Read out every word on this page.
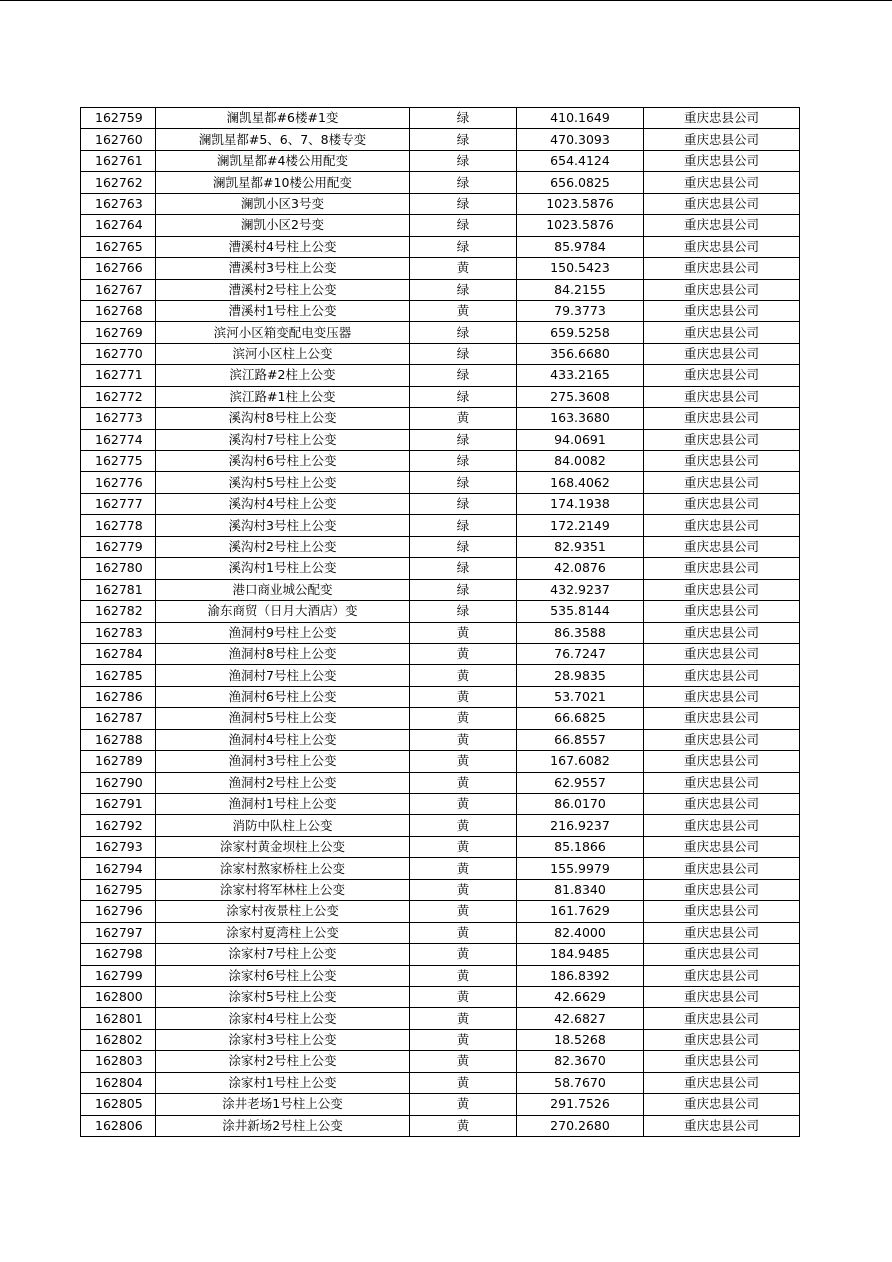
162759	澜凯星都#6楼#1变	绿	410.1649	重庆忠县公司
162760	澜凯星都#5、6、7、8楼专变	绿	470.3093	重庆忠县公司
162761	澜凯星都#4楼公用配变	绿	654.4124	重庆忠县公司
162762	澜凯星都#10楼公用配变	绿	656.0825	重庆忠县公司
162763	澜凯小区3号变	绿	1023.5876	重庆忠县公司
162764	澜凯小区2号变	绿	1023.5876	重庆忠县公司
162765	漕溪村4号柱上公变	绿	85.9784	重庆忠县公司
162766	漕溪村3号柱上公变	黄	150.5423	重庆忠县公司
162767	漕溪村2号柱上公变	绿	84.2155	重庆忠县公司
162768	漕溪村1号柱上公变	黄	79.3773	重庆忠县公司
162769	滨河小区箱变配电变压器	绿	659.5258	重庆忠县公司
162770	滨河小区柱上公变	绿	356.6680	重庆忠县公司
162771	滨江路#2柱上公变	绿	433.2165	重庆忠县公司
162772	滨江路#1柱上公变	绿	275.3608	重庆忠县公司
162773	溪沟村8号柱上公变	黄	163.3680	重庆忠县公司
162774	溪沟村7号柱上公变	绿	94.0691	重庆忠县公司
162775	溪沟村6号柱上公变	绿	84.0082	重庆忠县公司
162776	溪沟村5号柱上公变	绿	168.4062	重庆忠县公司
162777	溪沟村4号柱上公变	绿	174.1938	重庆忠县公司
162778	溪沟村3号柱上公变	绿	172.2149	重庆忠县公司
162779	溪沟村2号柱上公变	绿	82.9351	重庆忠县公司
162780	溪沟村1号柱上公变	绿	42.0876	重庆忠县公司
162781	港口商业城公配变	绿	432.9237	重庆忠县公司
162782	渝东商贸（日月大酒店）变	绿	535.8144	重庆忠县公司
162783	渔洞村9号柱上公变	黄	86.3588	重庆忠县公司
162784	渔洞村8号柱上公变	黄	76.7247	重庆忠县公司
162785	渔洞村7号柱上公变	黄	28.9835	重庆忠县公司
162786	渔洞村6号柱上公变	黄	53.7021	重庆忠县公司
162787	渔洞村5号柱上公变	黄	66.6825	重庆忠县公司
162788	渔洞村4号柱上公变	黄	66.8557	重庆忠县公司
162789	渔洞村3号柱上公变	黄	167.6082	重庆忠县公司
162790	渔洞村2号柱上公变	黄	62.9557	重庆忠县公司
162791	渔洞村1号柱上公变	黄	86.0170	重庆忠县公司
162792	消防中队柱上公变	黄	216.9237	重庆忠县公司
162793	涂家村黄金坝柱上公变	黄	85.1866	重庆忠县公司
162794	涂家村熬家桥柱上公变	黄	155.9979	重庆忠县公司
162795	涂家村将军林柱上公变	黄	81.8340	重庆忠县公司
162796	涂家村夜景柱上公变	黄	161.7629	重庆忠县公司
162797	涂家村夏湾柱上公变	黄	82.4000	重庆忠县公司
162798	涂家村7号柱上公变	黄	184.9485	重庆忠县公司
162799	涂家村6号柱上公变	黄	186.8392	重庆忠县公司
162800	涂家村5号柱上公变	黄	42.6629	重庆忠县公司
162801	涂家村4号柱上公变	黄	42.6827	重庆忠县公司
162802	涂家村3号柱上公变	黄	18.5268	重庆忠县公司
162803	涂家村2号柱上公变	黄	82.3670	重庆忠县公司
162804	涂家村1号柱上公变	黄	58.7670	重庆忠县公司
162805	涂井老场1号柱上公变	黄	291.7526	重庆忠县公司
162806	涂井新场2号柱上公变	黄	270.2680	重庆忠县公司
